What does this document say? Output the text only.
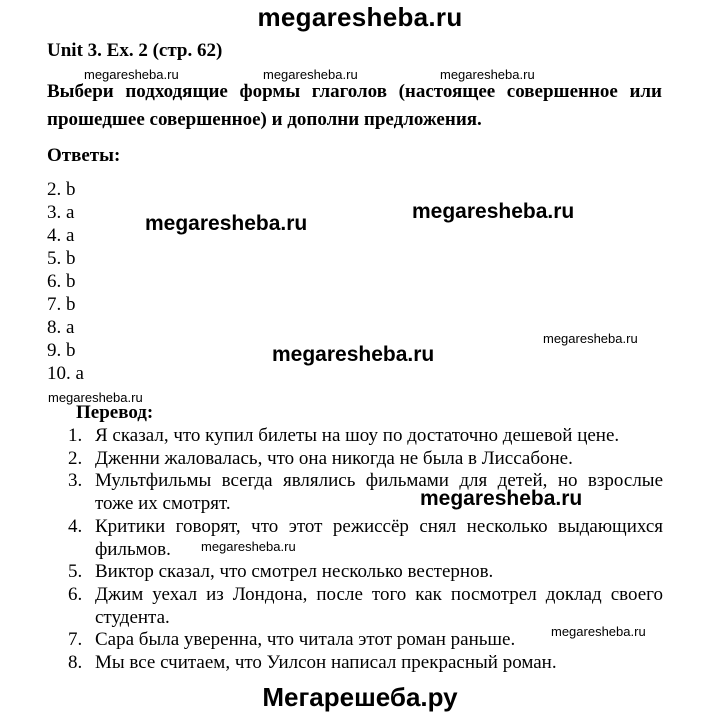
megaresheba.ru
Unit 3. Ex. 2 (стр. 62)
megaresheba.ru	megaresheba.ru	megaresheba.ru
Выбери подходящие формы глаголов (настоящее совершенное или прошедшее совершенное) и дополни предложения.
Ответы:
2. b
3. a
4. a
5. b
6. b
7. b
8. a
9. b
10. a
megaresheba.ru
megaresheba.ru
megaresheba.ru
megaresheba.ru
megaresheba.ru
Перевод:
1. Я сказал, что купил билеты на шоу по достаточно дешевой цене.
2. Дженни жаловалась, что она никогда не была в Лиссабоне.
3. Мультфильмы всегда являлись фильмами для детей, но взрослые тоже их смотрят.
4. Критики говорят, что этот режиссёр снял несколько выдающихся фильмов.
5. Виктор сказал, что смотрел несколько вестернов.
6. Джим уехал из Лондона, после того как посмотрел доклад своего студента.
7. Сара была уверенна, что читала этот роман раньше.
8. Мы все считаем, что Уилсон написал прекрасный роман.
megaresheba.ru
megaresheba.ru
megaresheba.ru
Мегарешеба.ру
